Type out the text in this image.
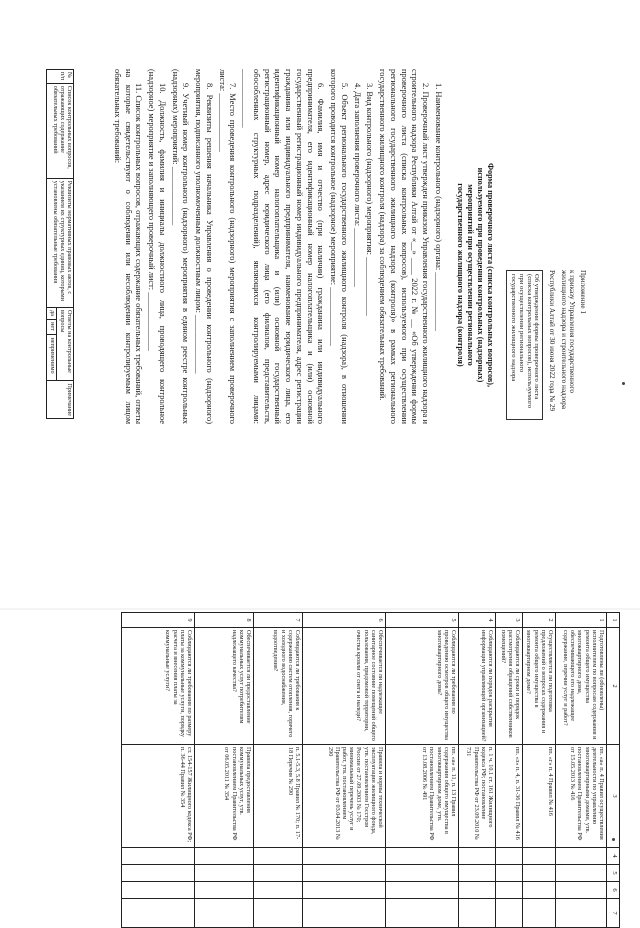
Приложение 1

к приказу Управления государственного жилищного надзора и строительного надзора

Республики Алтай от 30 июня 2022 года № 29

Об утверждении формы проверочного листа (списка контрольных вопросов), используемого при осуществлении регионального государственного жилищного надзора
Форма проверочного листа (списка контрольных вопросов), используемого при проведении контрольных (надзорных) мероприятий при осуществлении регионального государственного жилищного надзора (контроля)

1. Наименование контрольного (надзорного) органа: ______________

2. Проверочный лист утвержден приказом Управления государственного жилищного надзора и строительного надзора Республики Алтай от «__» ____ 2022 г. № __ «Об утверждении формы проверочного листа (списка контрольных вопросов), используемого при осуществлении регионального государственного жилищного надзора (контроля)» в рамках регионального государственного жилищного контроля (надзора) за соблюдением обязательных требований.

3. Вид контрольного (надзорного) мероприятия: ______________

4. Дата заполнения проверочного листа: ______________

5. Объект регионального государственного жилищного контроля (надзора), в отношении которого проводится контрольное (надзорное) мероприятие: ______________

6. Фамилия, имя и отчество (при наличии) гражданина или индивидуального предпринимателя, его идентификационный номер налогоплательщика и (или) основной государственный регистрационный номер индивидуального предпринимателя, адрес регистрации гражданина или индивидуального предпринимателя, наименование юридического лица, его идентификационный номер налогоплательщика и (или) основной государственный регистрационный номер, адрес юридического лица (его филиалов, представительств, обособленных структурных подразделений), являющихся контролируемыми лицами: ______________

7. Место проведения контрольного (надзорного) мероприятия с заполнением проверочного листа: ______________

8. Реквизиты решения начальника Управления о проведении контрольного (надзорного) мероприятия, подписанного уполномоченным должностным лицом: ______________

9. Учетный номер контрольного (надзорного) мероприятия в едином реестре контрольных (надзорных) мероприятий: ______________

10. Должность, фамилия и инициалы должностного лица, проводящего контрольное (надзорное) мероприятие и заполняющего проверочный лист: ______________

11. Список контрольных вопросов, отражающих содержание обязательных требований, ответы на которые свидетельствуют о соблюдении или несоблюдении контролируемым лицом обязательных требований:

№ п/п	Список контрольных вопросов, отражающих содержание обязательных требований	Реквизиты нормативных правовых актов, с указанием их структурных единиц, которыми установлены обязательные требования	Ответы на контрольные вопросы			Примечание
			да	нет	неприменимо	
1	2	3	4	5	6	7
1	Подготовлены ли (обновлены) исполнителем по вопросам содержания и ремонта общего имущества многоквартирного дома, обеспечивающего его надлежащее содержание, перечни услуг и работ?	пп. «а» п. 4 Правил осуществления деятельности по управлению многоквартирными домами, утв. постановлением Правительства РФ от 15.05.2013 № 416				
2	Осуществляется ли подготовка предложений о вопросах содержания и ремонта общего имущества в многоквартирном доме?	пп. «г» п. 4 Правил № 416				
3	Соблюдаются ли сроки и порядок рассмотрения обращений собственников помещений?	пп. «з» п. 4, п. 31-36 Правил № 416				
4	Соблюдаются ли порядок раскрытия информации управляющей организацией?	п. 1 ч. 10.1 ст. 161 Жилищного кодекса РФ; постановление Правительства РФ от 23.09.2010 № 731				
5	Соблюдаются ли требования по проведению осмотров общего имущества многоквартирного дома?	пп. «а» п. 11, п. 13 Правил содержания общего имущества в многоквартирном доме, утв. постановлением Правительства РФ от 13.08.2006 № 491				
6	Обеспечивается ли надлежащее санитарное состояние помещений общего пользования, придомовой территории, очистка кровли от снега и наледи?	Правила и нормы технической эксплуатации жилищного фонда, утв. постановлением Госстроя России от 27.09.2003 № 170; минимальный перечень услуг и работ, утв. постановлением Правительства РФ от 03.04.2013 № 290				
7	Соблюдаются ли требования к содержанию систем отопления, горячего и холодного водоснабжения, водоотведения?	п. 5.1-5.3, 5.8 Правил № 170; п. 17-18 Перечня № 290				
8	Обеспечивается ли предоставление коммунальных услуг потребителям надлежащего качества?	Правила предоставления коммунальных услуг, утв. постановлением Правительства РФ от 06.05.2011 № 354				
9	Соблюдаются ли требования по размеру платы за коммунальные услуги, порядку расчета и внесения платы за коммунальные услуги?	ст. 154-157 Жилищного кодекса РФ; п. 36-44 Правил № 354				
